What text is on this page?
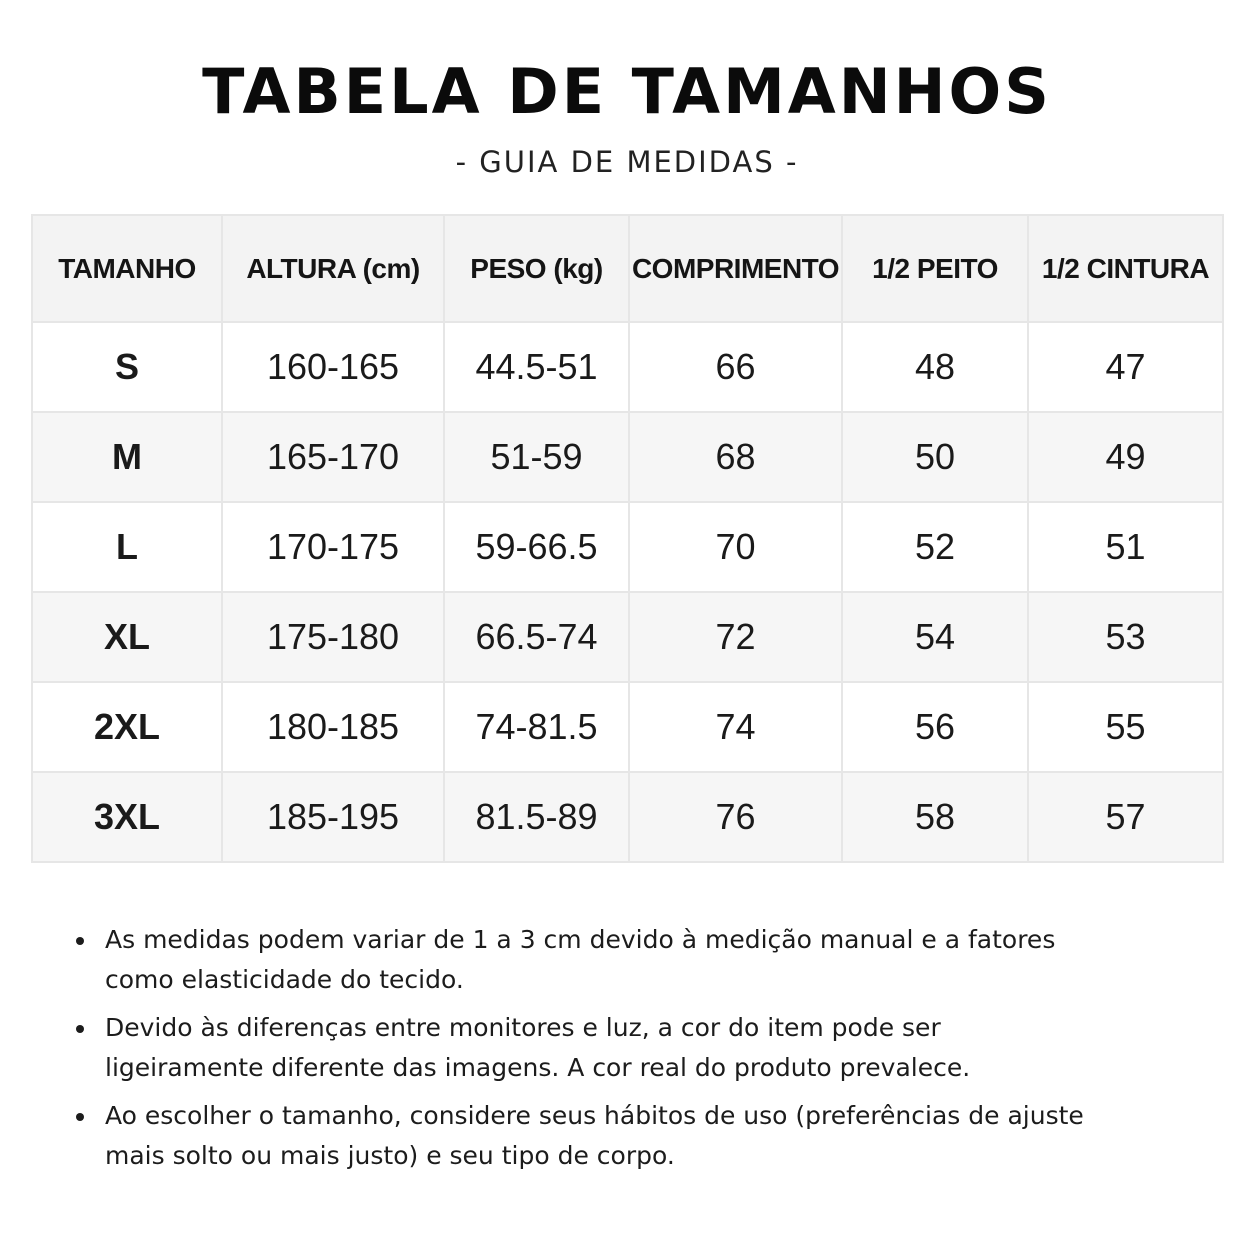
TABELA DE TAMANHOS
- GUIA DE MEDIDAS -
TAMANHO	ALTURA (cm)	PESO (kg)	COMPRIMENTO	1/2 PEITO	1/2 CINTURA
S	160-165	44.5-51	66	48	47
M	165-170	51-59	68	50	49
L	170-175	59-66.5	70	52	51
XL	175-180	66.5-74	72	54	53
2XL	180-185	74-81.5	74	56	55
3XL	185-195	81.5-89	76	58	57
As medidas podem variar de 1 a 3 cm devido à medição manual e a fatores como elasticidade do tecido.
Devido às diferenças entre monitores e luz, a cor do item pode ser ligeiramente diferente das imagens. A cor real do produto prevalece.
Ao escolher o tamanho, considere seus hábitos de uso (preferências de ajuste mais solto ou mais justo) e seu tipo de corpo.
